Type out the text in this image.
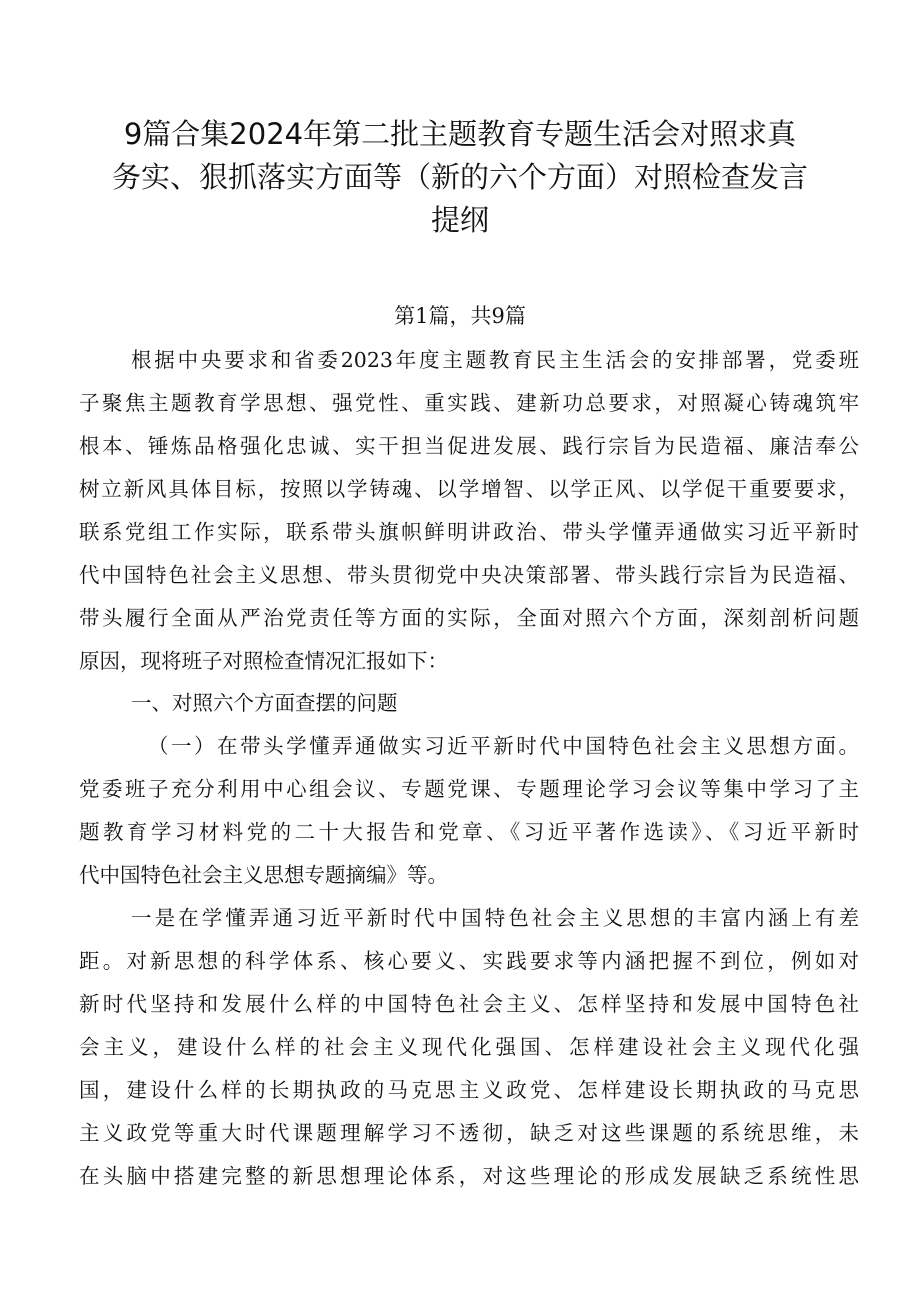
9篇合集2024年第二批主题教育专题生活会对照求真
务实、狠抓落实方面等（新的六个方面）对照检查发言
提纲
第1篇，共9篇
根据中央要求和省委2023年度主题教育民主生活会的安排部署，党委班
子聚焦主题教育学思想、强党性、重实践、建新功总要求，对照凝心铸魂筑牢
根本、锤炼品格强化忠诚、实干担当促进发展、践行宗旨为民造福、廉洁奉公
树立新风具体目标，按照以学铸魂、以学增智、以学正风、以学促干重要要求，
联系党组工作实际，联系带头旗帜鲜明讲政治、带头学懂弄通做实习近平新时
代中国特色社会主义思想、带头贯彻党中央决策部署、带头践行宗旨为民造福、
带头履行全面从严治党责任等方面的实际，全面对照六个方面，深刻剖析问题
原因，现将班子对照检查情况汇报如下：
一、对照六个方面查摆的问题
（一）在带头学懂弄通做实习近平新时代中国特色社会主义思想方面。
党委班子充分利用中心组会议、专题党课、专题理论学习会议等集中学习了主
题教育学习材料党的二十大报告和党章、《习近平著作选读》、《习近平新时
代中国特色社会主义思想专题摘编》等。
一是在学懂弄通习近平新时代中国特色社会主义思想的丰富内涵上有差
距。对新思想的科学体系、核心要义、实践要求等内涵把握不到位，例如对
新时代坚持和发展什么样的中国特色社会主义、怎样坚持和发展中国特色社
会主义，建设什么样的社会主义现代化强国、怎样建设社会主义现代化强
国，建设什么样的长期执政的马克思主义政党、怎样建设长期执政的马克思
主义政党等重大时代课题理解学习不透彻，缺乏对这些课题的系统思维，未
在头脑中搭建完整的新思想理论体系，对这些理论的形成发展缺乏系统性思
